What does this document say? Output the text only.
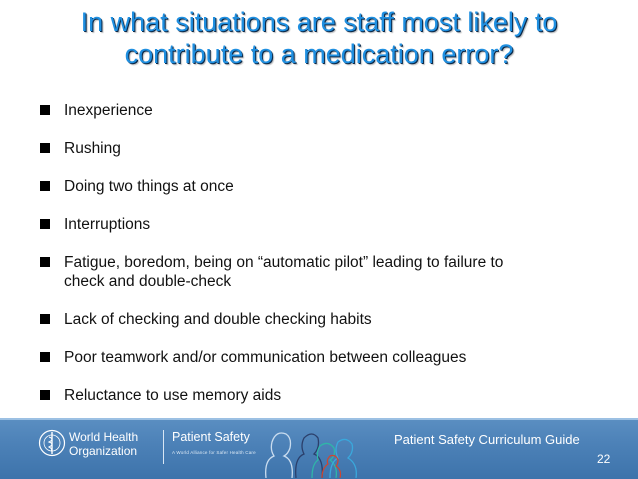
In what situations are staff most likely to
contribute to a medication error?
Inexperience
Rushing
Doing two things at once
Interruptions
Fatigue, boredom, being on “automatic pilot” leading to failure to
check and double-check
Lack of checking and double checking habits
Poor teamwork and/or communication between colleagues
Reluctance to use memory aids
World Health
Organization
Patient Safety
A World Alliance for Safer Health Care
Patient Safety Curriculum Guide
22
